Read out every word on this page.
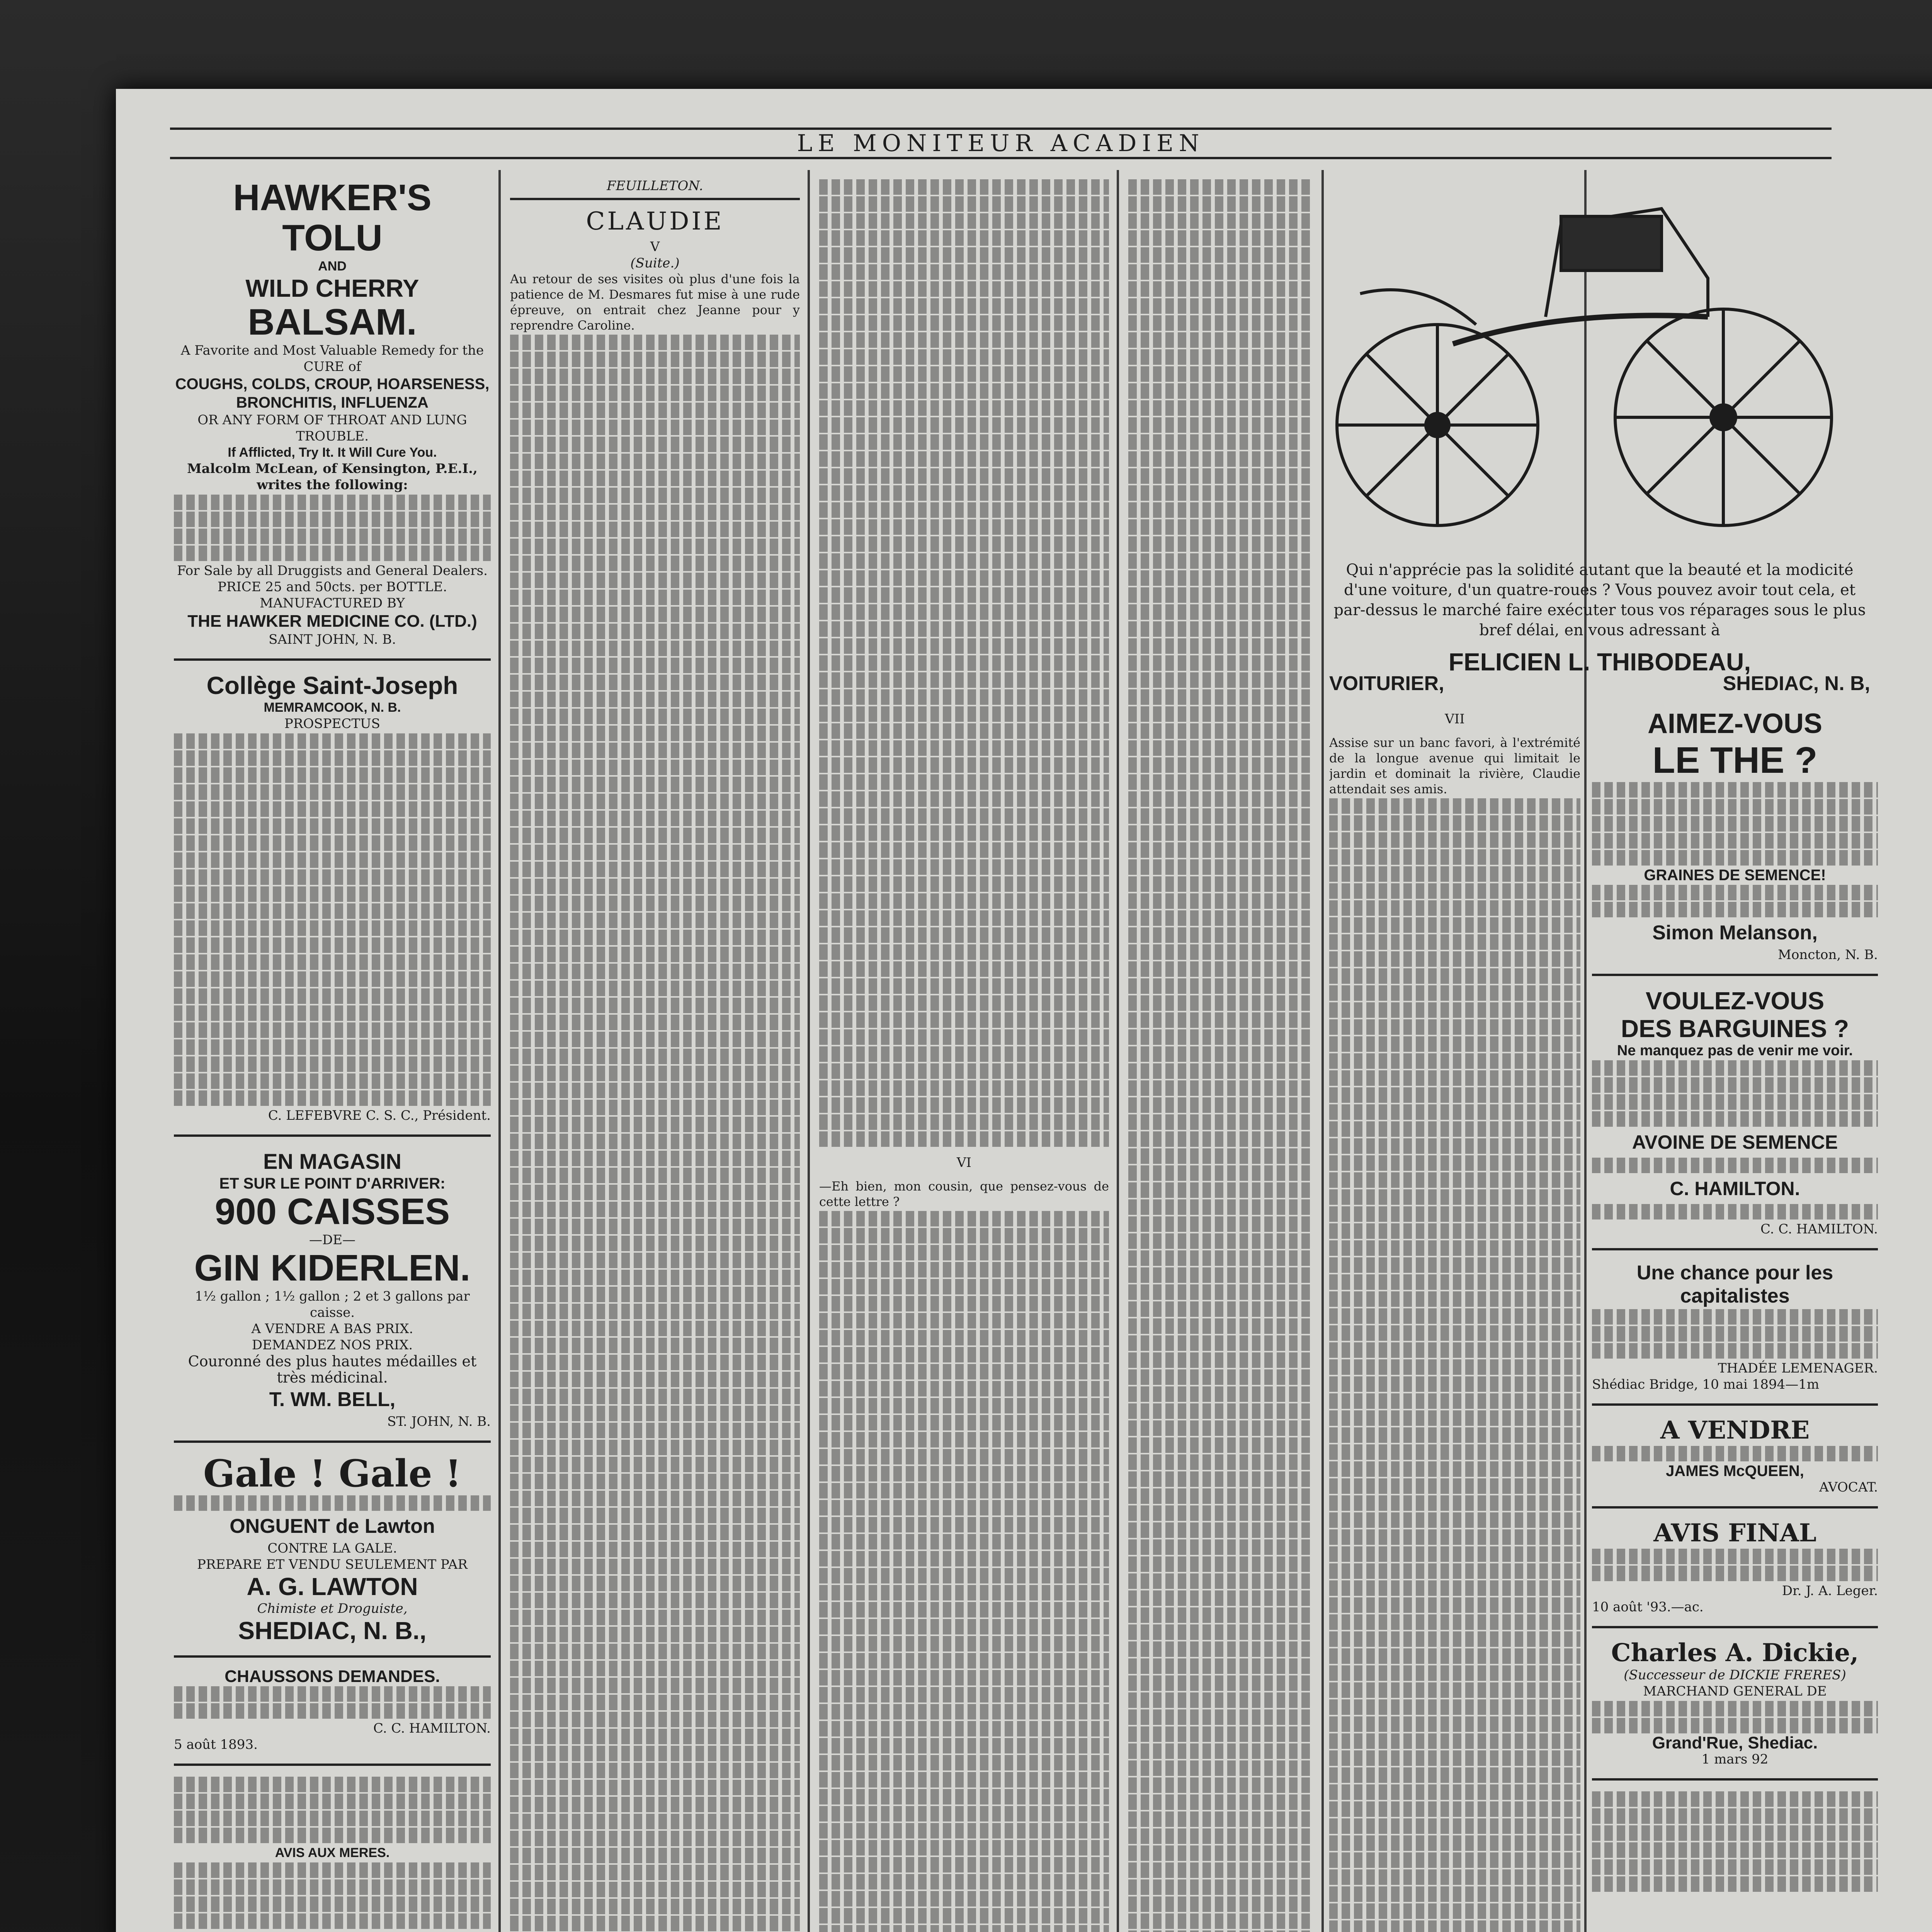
LE MONITEUR ACADIEN
HAWKER'S
TOLU
AND
WILD CHERRY
BALSAM.
A Favorite and Most Valuable Remedy for the CURE of
COUGHS, COLDS, CROUP, HOARSENESS, BRONCHITIS, INFLUENZA
OR ANY FORM OF THROAT AND LUNG TROUBLE.
If Afflicted, Try It. It Will Cure You.
Malcolm McLean, of Kensington, P.E.I., writes the following:
For Sale by all Druggists and General Dealers.
PRICE 25 and 50cts. per BOTTLE.
MANUFACTURED BY
THE HAWKER MEDICINE CO. (LTD.)
SAINT JOHN, N. B.
Collège Saint-Joseph
MEMRAMCOOK, N. B.
PROSPECTUS
C. LEFEBVRE C. S. C., Président.
EN MAGASIN
ET SUR LE POINT D'ARRIVER:
900 CAISSES
—DE—
GIN KIDERLEN.
1½ gallon ; 1½ gallon ; 2 et 3 gallons par caisse.
A VENDRE A BAS PRIX.
DEMANDEZ NOS PRIX.
Couronné des plus hautes médailles et très médicinal.
T. WM. BELL,
ST. JOHN, N. B.
Gale ! Gale !
ONGUENT de Lawton
CONTRE LA GALE.
PREPARE ET VENDU SEULEMENT PAR
A. G. LAWTON
Chimiste et Droguiste,
SHEDIAC, N. B.,
CHAUSSONS DEMANDES.
C. C. HAMILTON.
5 août 1893.
AVIS AUX MERES.
FEUILLETON.
CLAUDIE
V
(Suite.)
Au retour de ses visites où plus d'une fois la patience de M. Desmares fut mise à une rude épreuve, on entrait chez Jeanne pour y reprendre Caroline.
VI
—Eh bien, mon cousin, que pensez-vous de cette lettre ?
Qui n'apprécie pas la solidité autant que la beauté et la modicité d'une voiture, d'un quatre-roues ? Vous pouvez avoir tout cela, et par-dessus le marché faire exécuter tous vos réparages sous le plus bref délai, en vous adressant à
FELICIEN L. THIBODEAU,
VOITURIER,	SHEDIAC, N. B,
VII
Assise sur un banc favori, à l'extrémité de la longue avenue qui limitait le jardin et dominait la rivière, Claudie attendait ses amis.
AIMEZ-VOUS
LE THE ?
GRAINES DE SEMENCE!
Simon Melanson,
Moncton, N. B.
VOULEZ-VOUS
DES BARGUINES ?
Ne manquez pas de venir me voir.
AVOINE DE SEMENCE
C. HAMILTON.
C. C. HAMILTON.
Une chance pour les
capitalistes
THADÉE LEMENAGER.
Shédiac Bridge, 10 mai 1894—1m
A VENDRE
JAMES McQUEEN,
AVOCAT.
AVIS FINAL
Dr. J. A. Leger.
10 août '93.—ac.
Charles A. Dickie,
(Successeur de DICKIE FRERES)
MARCHAND GENERAL DE
Grand'Rue, Shediac.
1 mars 92
